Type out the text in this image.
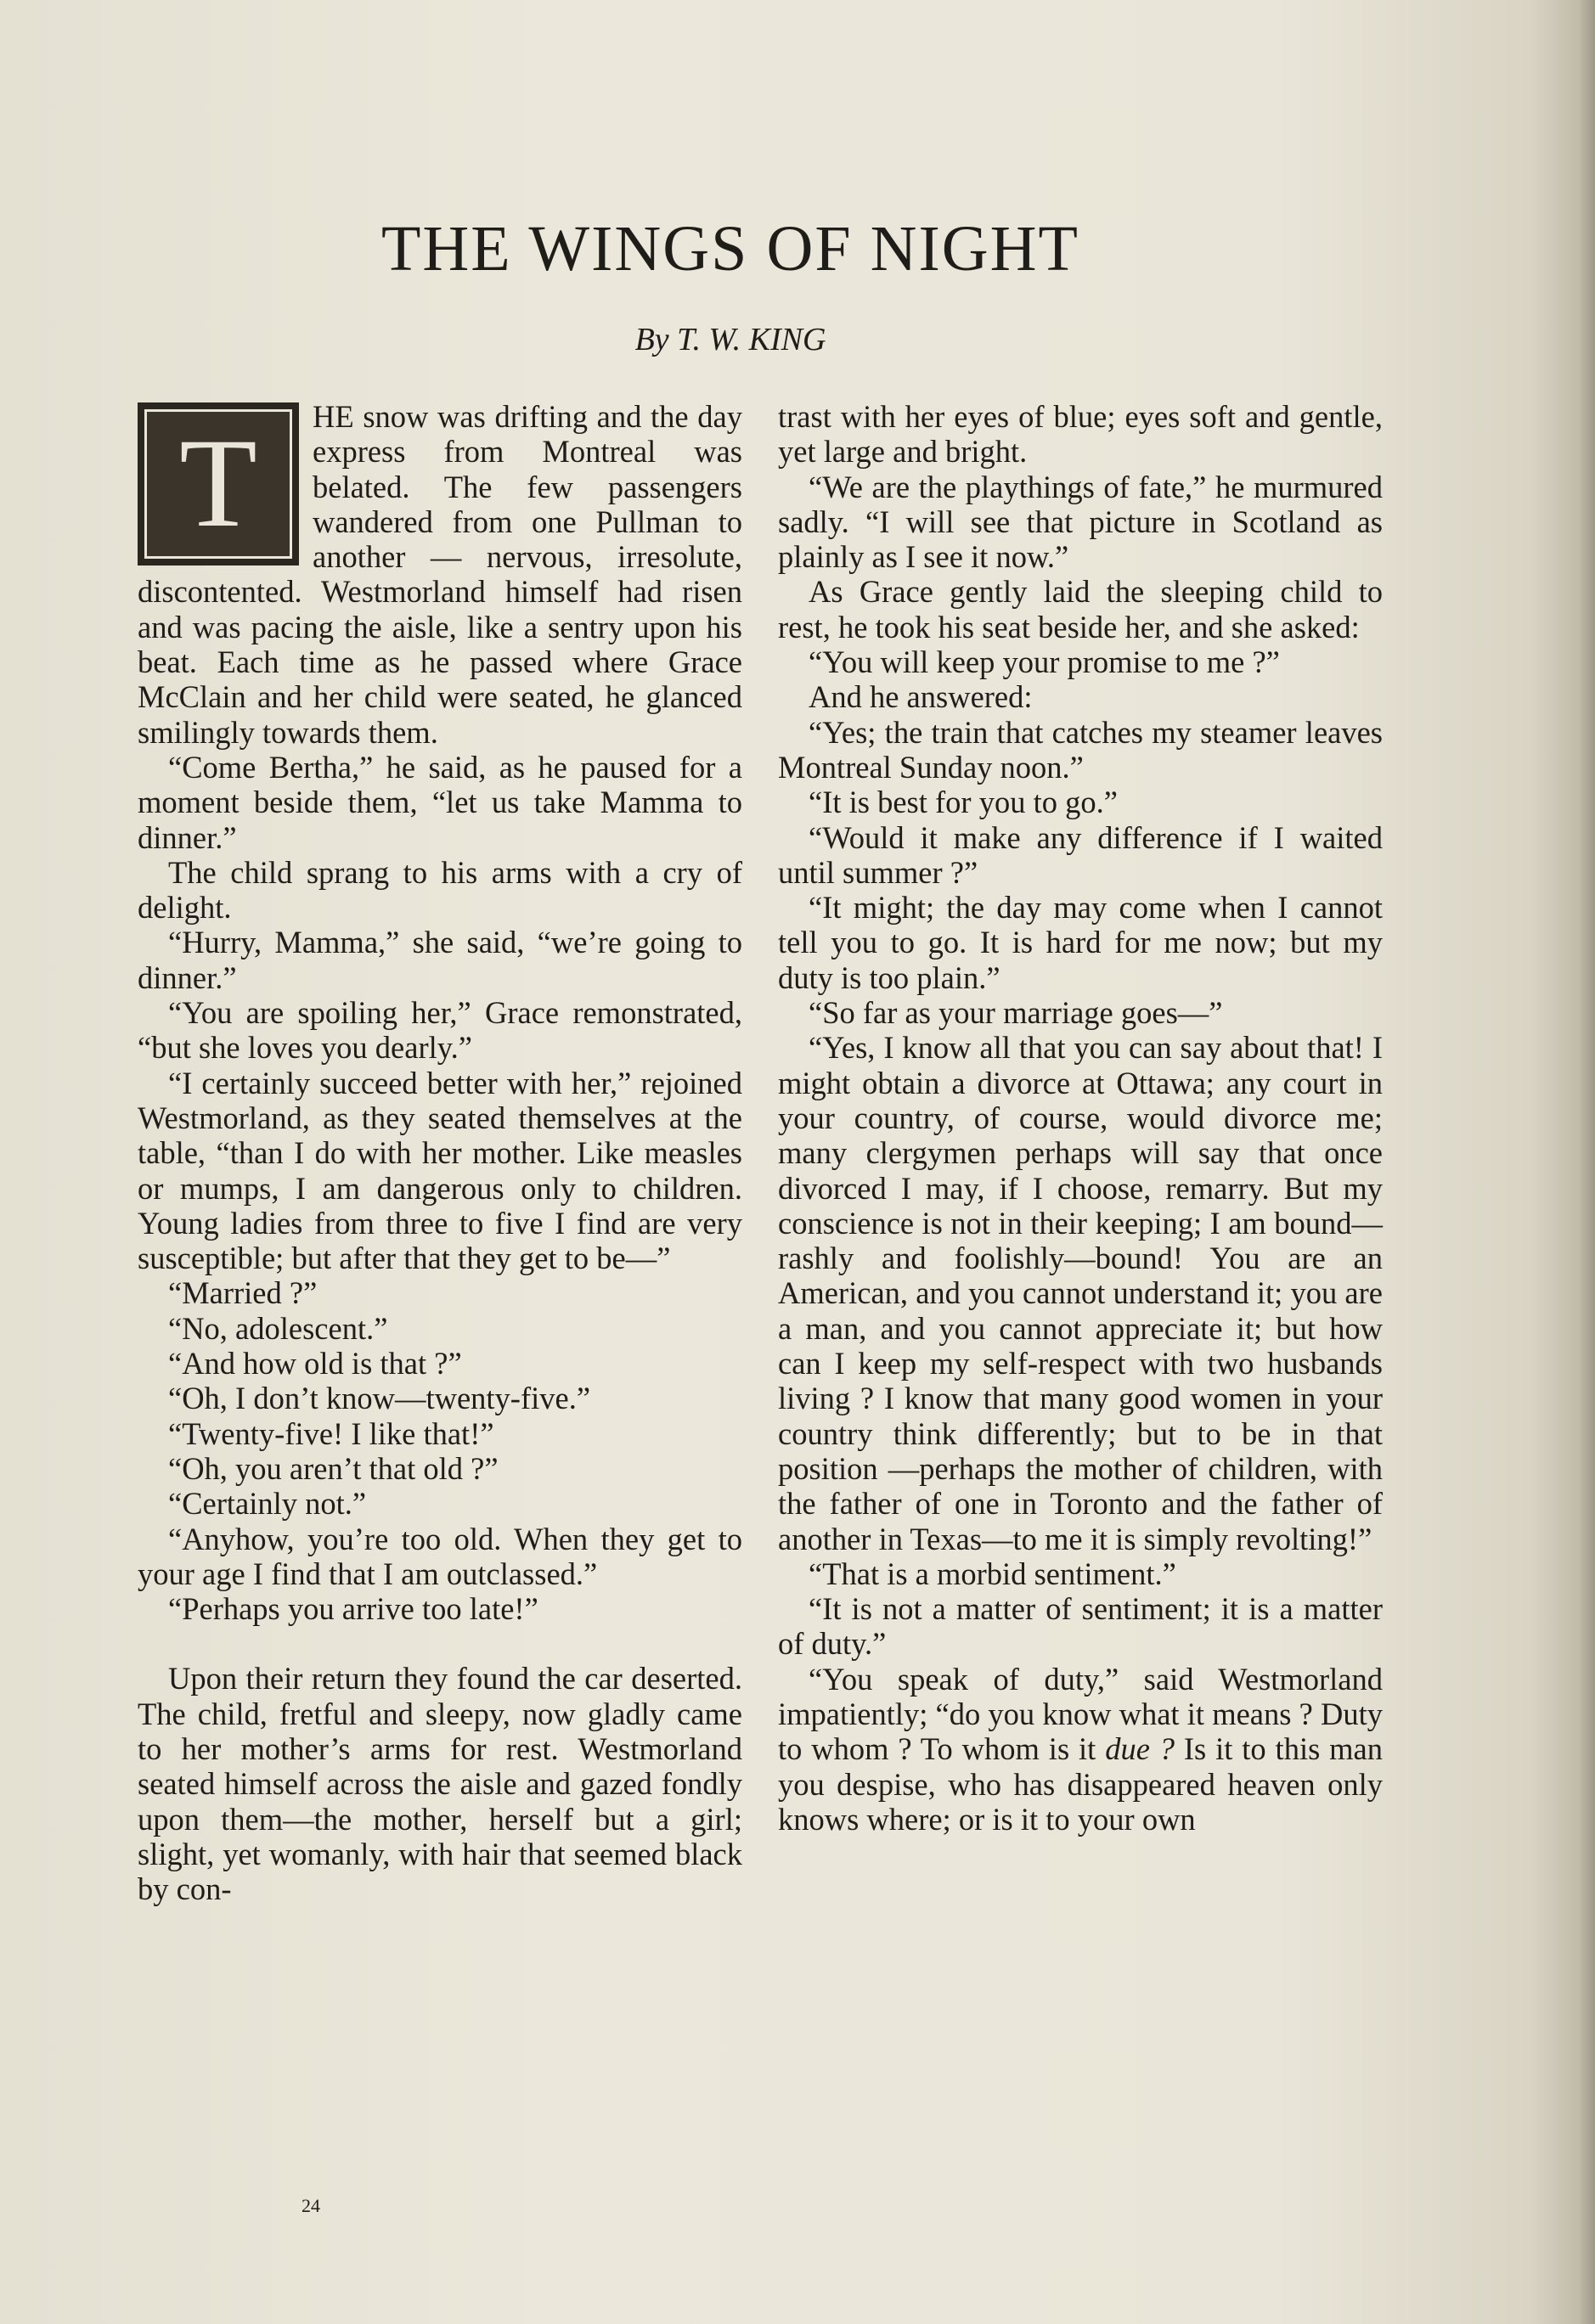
THE WINGS OF NIGHT
By T. W. KING
T	HE snow was drifting and the day express from Montreal was belated. The few passengers wandered from one Pullman to another — nervous, irresolute, discontented. Westmorland himself had risen and was pacing the aisle, like a sentry upon his beat. Each time as he passed where Grace McClain and her child were seated, he glanced smilingly towards them.

“Come Bertha,” he said, as he paused for a moment beside them, “let us take Mamma to dinner.”

The child sprang to his arms with a cry of delight.

“Hurry, Mamma,” she said, “we’re going to dinner.”

“You are spoiling her,” Grace remonstrated, “but she loves you dearly.”

“I certainly succeed better with her,” rejoined Westmorland, as they seated themselves at the table, “than I do with her mother. Like measles or mumps, I am dangerous only to children. Young ladies from three to five I find are very susceptible; but after that they get to be—”

“Married ?”

“No, adolescent.”

“And how old is that ?”

“Oh, I don’t know—twenty-five.”

“Twenty-five! I like that!”

“Oh, you aren’t that old ?”

“Certainly not.”

“Anyhow, you’re too old. When they get to your age I find that I am outclassed.”

“Perhaps you arrive too late!”

Upon their return they found the car deserted. The child, fretful and sleepy, now gladly came to her mother’s arms for rest. Westmorland seated himself across the aisle and gazed fondly upon them—the mother, herself but a girl; slight, yet womanly, with hair that seemed black by con-

trast with her eyes of blue; eyes soft and gentle, yet large and bright.

“We are the playthings of fate,” he murmured sadly. “I will see that picture in Scotland as plainly as I see it now.”

As Grace gently laid the sleeping child to rest, he took his seat beside her, and she asked:

“You will keep your promise to me ?”

And he answered:

“Yes; the train that catches my steamer leaves Montreal Sunday noon.”

“It is best for you to go.”

“Would it make any difference if I waited until summer ?”

“It might; the day may come when I cannot tell you to go. It is hard for me now; but my duty is too plain.”

“So far as your marriage goes—”

“Yes, I know all that you can say about that! I might obtain a divorce at Ottawa; any court in your country, of course, would divorce me; many clergymen perhaps will say that once divorced I may, if I choose, remarry. But my conscience is not in their keeping; I am bound—rashly and foolishly—bound! You are an American, and you cannot understand it; you are a man, and you cannot appreciate it; but how can I keep my self-respect with two husbands living ? I know that many good women in your country think differently; but to be in that position —perhaps the mother of children, with the father of one in Toronto and the father of another in Texas—to me it is simply revolting!”

“That is a morbid sentiment.”

“It is not a matter of sentiment; it is a matter of duty.”

“You speak of duty,” said Westmorland impatiently; “do you know what it means ? Duty to whom ? To whom is it due ? Is it to this man you despise, who has disappeared heaven only knows where; or is it to your own

24
